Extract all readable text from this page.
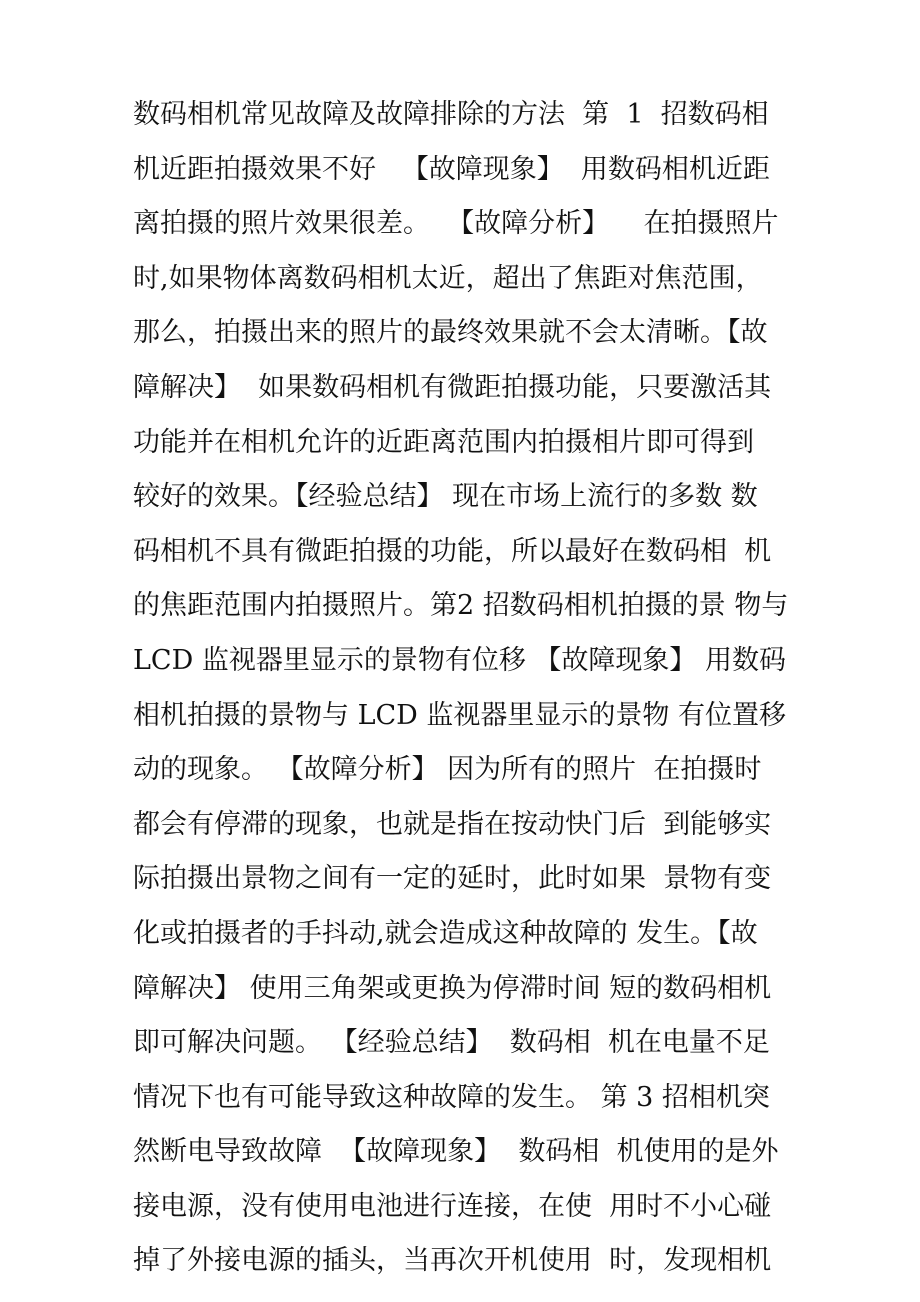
数码相机常见故障及故障排除的方法  第  1  招数码相
机近距拍摄效果不好   【故障现象】  用数码相机近距
离拍摄的照片效果很差。  【故障分析】    在拍摄照片
时,如果物体离数码相机太近，超出了焦距对焦范围，
那么，拍摄出来的照片的最终效果就不会太清晰。【故
障解决】  如果数码相机有微距拍摄功能，只要激活其
功能并在相机允许的近距离范围内拍摄相片即可得到
较好的效果。【经验总结】 现在市场上流行的多数 数
码相机不具有微距拍摄的功能，所以最好在数码相  机
的焦距范围内拍摄照片。第2 招数码相机拍摄的景 物与
LCD 监视器里显示的景物有位移 【故障现象】 用数码
相机拍摄的景物与 LCD 监视器里显示的景物 有位置移
动的现象。 【故障分析】 因为所有的照片  在拍摄时
都会有停滞的现象，也就是指在按动快门后  到能够实
际拍摄出景物之间有一定的延时，此时如果  景物有变
化或拍摄者的手抖动,就会造成这种故障的 发生。【故
障解决】 使用三角架或更换为停滞时间 短的数码相机
即可解决问题。 【经验总结】  数码相  机在电量不足
情况下也有可能导致这种故障的发生。 第 3 招相机突
然断电导致故障  【故障现象】  数码相  机使用的是外
接电源，没有使用电池进行连接，在使  用时不小心碰
掉了外接电源的插头，当再次开机使用  时，发现相机
